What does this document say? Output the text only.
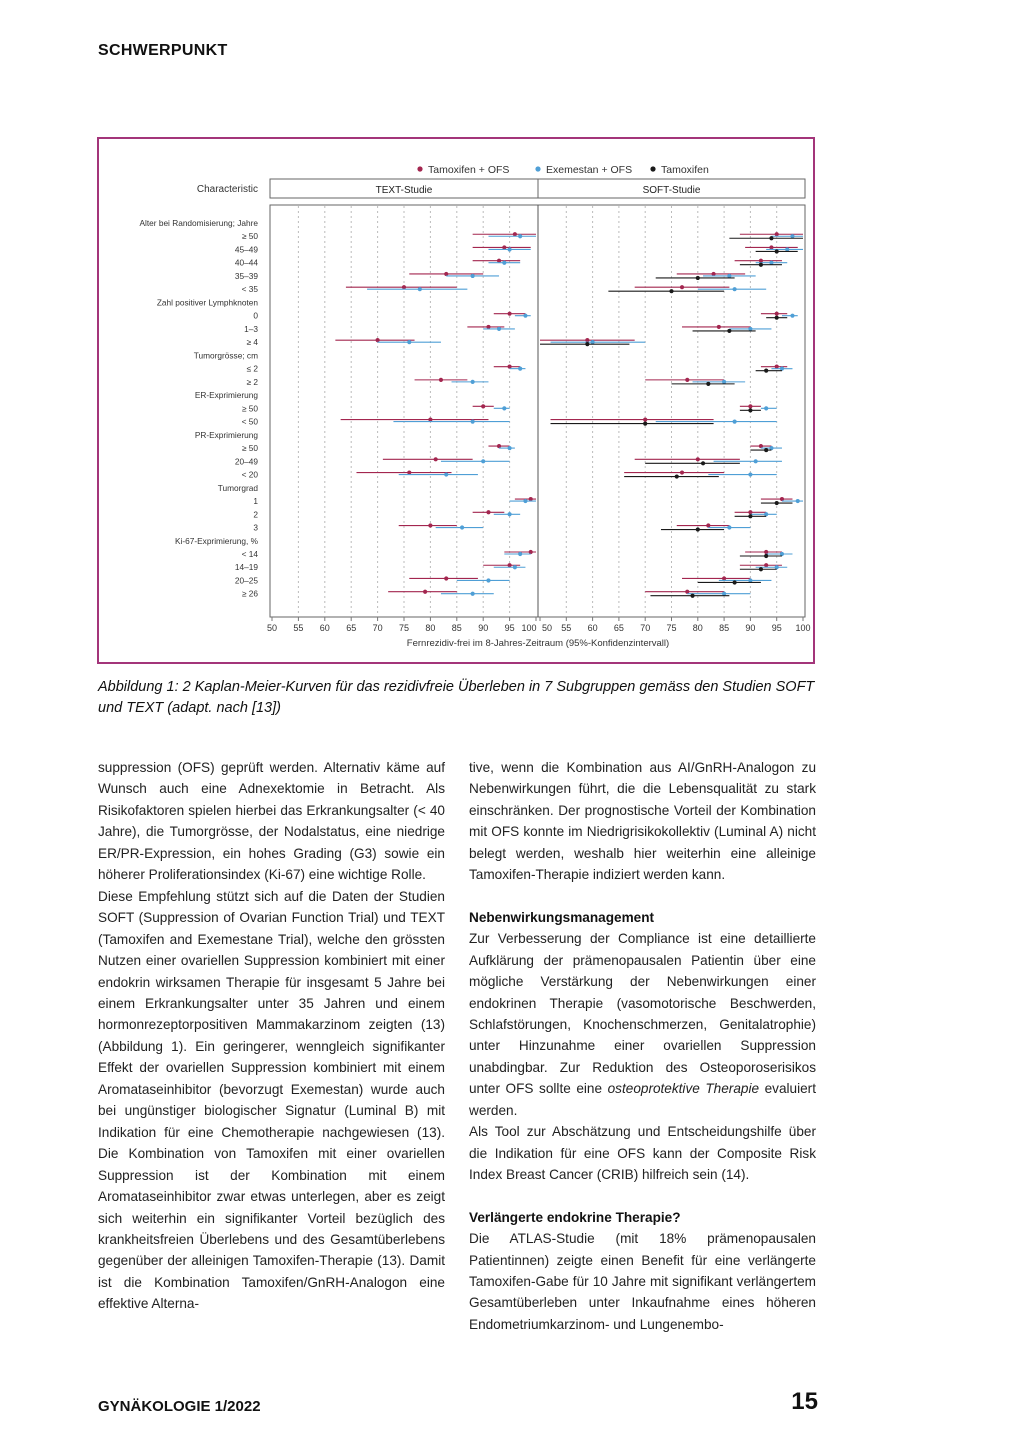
SCHWERPUNKT
Tamoxifen + OFS	Exemestan + OFS	Tamoxifen
Characteristic	TEXT-Studie	SOFT-Studie
50	50
55	55
60	60
65	65
70	70
75	75
80	80
85	85
90	90
95	95
100	100
Fernrezidiv-frei im 8-Jahres-Zeitraum (95%-Konfidenzintervall)
Alter bei Randomisierung; Jahre
≥ 50
45–49
40–44
35–39
< 35
Zahl positiver Lymphknoten
0
1–3
≥ 4
Tumorgrösse; cm
≤ 2
≥ 2
ER-Exprimierung
≥ 50
< 50
PR-Exprimierung
≥ 50
20–49
< 20
Tumorgrad
1
2
3
Ki-67-Exprimierung, %
< 14
14–19
20–25
≥ 26
Abbildung 1: 2 Kaplan-Meier-Kurven für das rezidivfreie Überleben in 7 Subgruppen gemäss den Studien SOFT und TEXT (adapt. nach [13])

suppression (OFS) geprüft werden. Alternativ käme auf Wunsch auch eine Adnexektomie in Betracht. Als Risikofaktoren spielen hierbei das Erkrankungsalter (< 40 Jahre), die Tumorgrösse, der Nodalstatus, eine niedrige ER/PR-Expression, ein hohes Grading (G3) sowie ein höherer Proliferationsindex (Ki-67) eine wichtige Rolle.

Diese Empfehlung stützt sich auf die Daten der Studien SOFT (Suppression of Ovarian Function Trial) und TEXT (Tamoxifen and Exemestane Trial), welche den grössten Nutzen einer ovariellen Suppression kombiniert mit einer endokrin wirksamen Therapie für insgesamt 5 Jahre bei einem Erkrankungsalter unter 35 Jahren und einem hormonrezeptorpositiven Mammakarzinom zeigten (13) (Abbildung 1). Ein geringerer, wenngleich signifikanter Effekt der ovariellen Suppression kombiniert mit einem Aromataseinhibitor (bevorzugt Exemestan) wurde auch bei ungünstiger biologischer Signatur (Luminal B) mit Indikation für eine Chemotherapie nachgewiesen (13). Die Kombination von Tamoxifen mit einer ovariellen Suppression ist der Kombination mit einem Aromataseinhibitor zwar etwas unterlegen, aber es zeigt sich weiterhin ein signifikanter Vorteil bezüglich des krankheitsfreien Überlebens und des Gesamtüberlebens gegenüber der alleinigen Tamoxifen-Therapie (13). Damit ist die Kombination Tamoxifen/GnRH-Analogon eine effektive Alterna-

tive, wenn die Kombination aus AI/GnRH-Analogon zu Nebenwirkungen führt, die die Lebensqualität zu stark einschränken. Der prognostische Vorteil der Kombination mit OFS konnte im Niedrigrisikokollektiv (Luminal A) nicht belegt werden, weshalb hier weiterhin eine alleinige Tamoxifen-Therapie indiziert werden kann.

Nebenwirkungsmanagement

Zur Verbesserung der Compliance ist eine detaillierte Aufklärung der prämenopausalen Patientin über eine mögliche Verstärkung der Nebenwirkungen einer endokrinen Therapie (vasomotorische Beschwerden, Schlafstörungen, Knochenschmerzen, Genitalatrophie) unter Hinzunahme einer ovariellen Suppression unabdingbar. Zur Reduktion des Osteoporoserisikos unter OFS sollte eine osteoprotektive Therapie evaluiert werden.

Als Tool zur Abschätzung und Entscheidungshilfe über die Indikation für eine OFS kann der Composite Risk Index Breast Cancer (CRIB) hilfreich sein (14).

Verlängerte endokrine Therapie?

Die ATLAS-Studie (mit 18% prämenopausalen Patientinnen) zeigte einen Benefit für eine verlängerte Tamoxifen-Gabe für 10 Jahre mit signifikant verlängertem Gesamtüberleben unter Inkaufnahme eines höheren Endometriumkarzinom- und Lungenembo-

GYNÄKOLOGIE 1/2022	15
